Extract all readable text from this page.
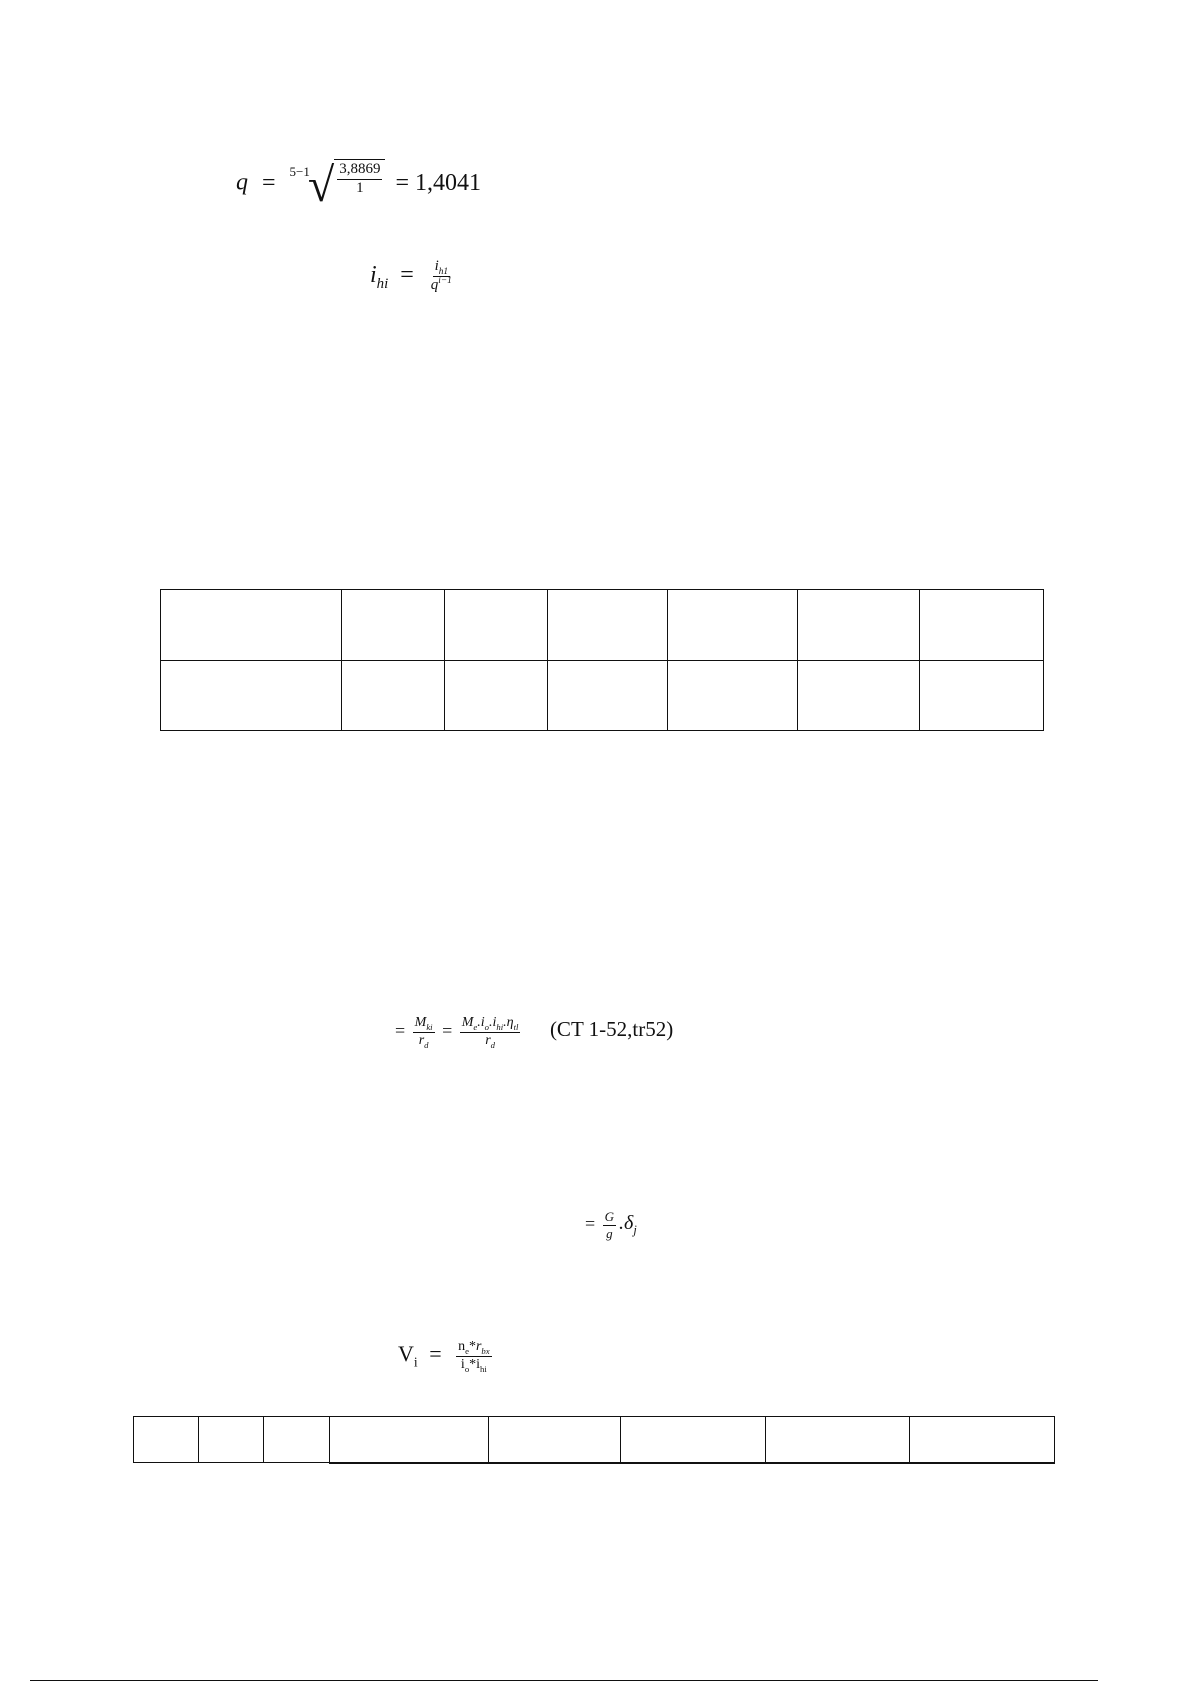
$q = ^{5-1}√ \frac{3,8869}{1} = 1,4041$
$i_{hi} = \frac{i_{h1}}{q^{i-1}}$

= $\frac{M_{ki}}{r_d} = \frac{M_e.i_o.i_{hi}.\eta_{tl}}{r_d} (CT$ 1-52,tr52)
= $\frac{G}{g} .\delta_j$
$V_i = \frac{n_e*r_{bx}}{i_o*i_{hi}}$
